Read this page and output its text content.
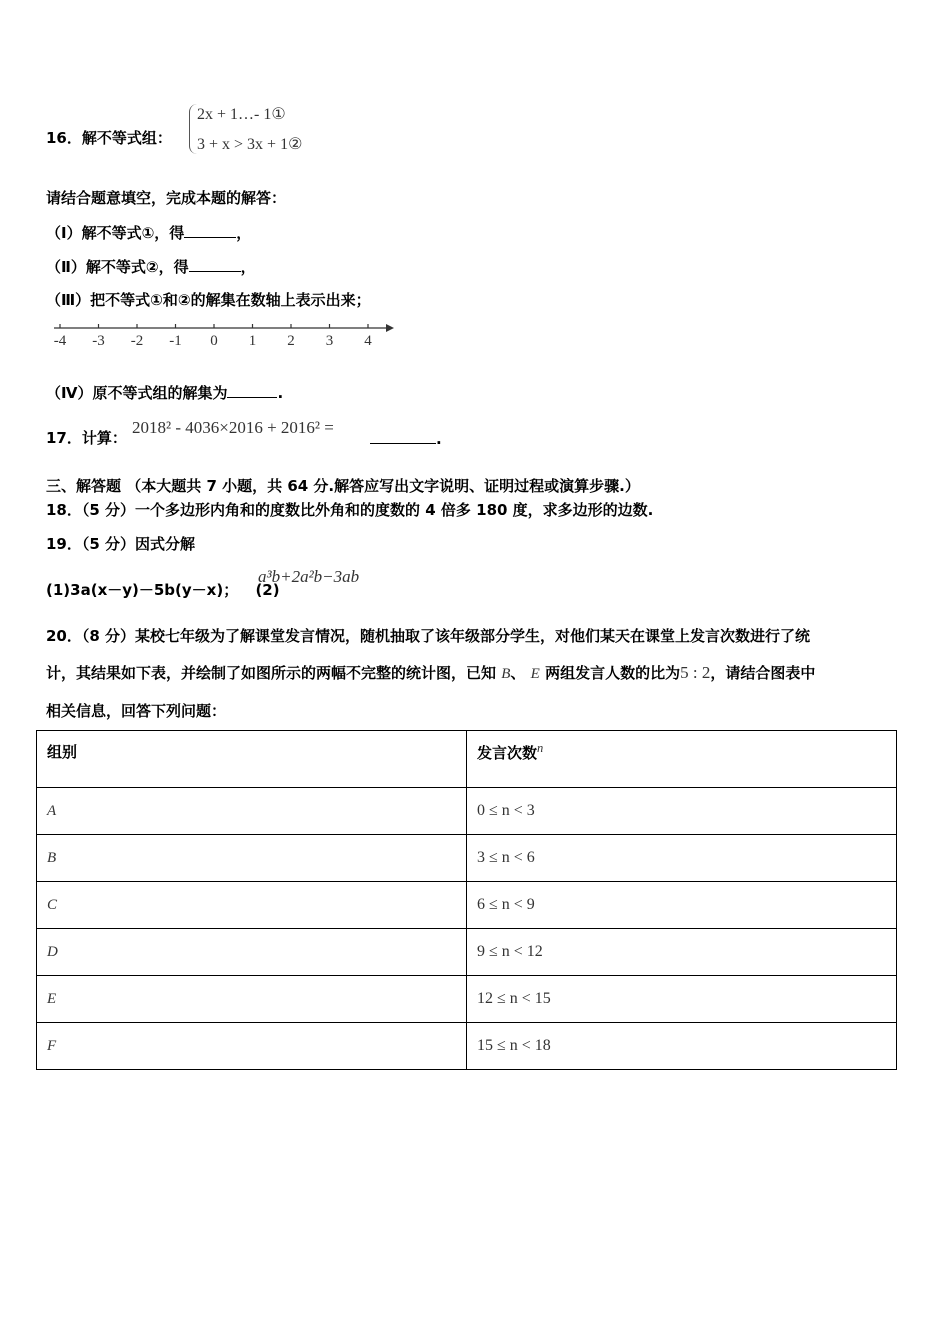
16．解不等式组：
2x + 1…- 1①
3 + x > 3x + 1②
请结合题意填空，完成本题的解答：
（Ⅰ）解不等式①，得	，
（Ⅱ）解不等式②，得	，
（Ⅲ）把不等式①和②的解集在数轴上表示出来；
-4 -3 -2 -1 0 1 2 3 4
（Ⅳ）原不等式组的解集为	.
17．计算：
2018² - 4036×2016 + 2016² =
.
三、解答题 （本大题共 7 小题，共 64 分.解答应写出文字说明、证明过程或演算步骤.）
18．（5 分）一个多边形内角和的度数比外角和的度数的 4 倍多 180 度，求多边形的边数.
19．（5 分）因式分解
(1)3a(x－y)－5b(y－x)； (2)
a³b+2a²b−3ab
20．（8 分）某校七年级为了解课堂发言情况，随机抽取了该年级部分学生，对他们某天在课堂上发言次数进行了统
计，其结果如下表，并绘制了如图所示的两幅不完整的统计图，已知 B、 E 两组发言人数的比为5 : 2，请结合图表中
相关信息，回答下列问题：
组别	发言次数$^n$
A	0 ≤ n < 3
B	3 ≤ n < 6
C	6 ≤ n < 9
D	9 ≤ n < 12
E	12 ≤ n < 15
F	15 ≤ n < 18
